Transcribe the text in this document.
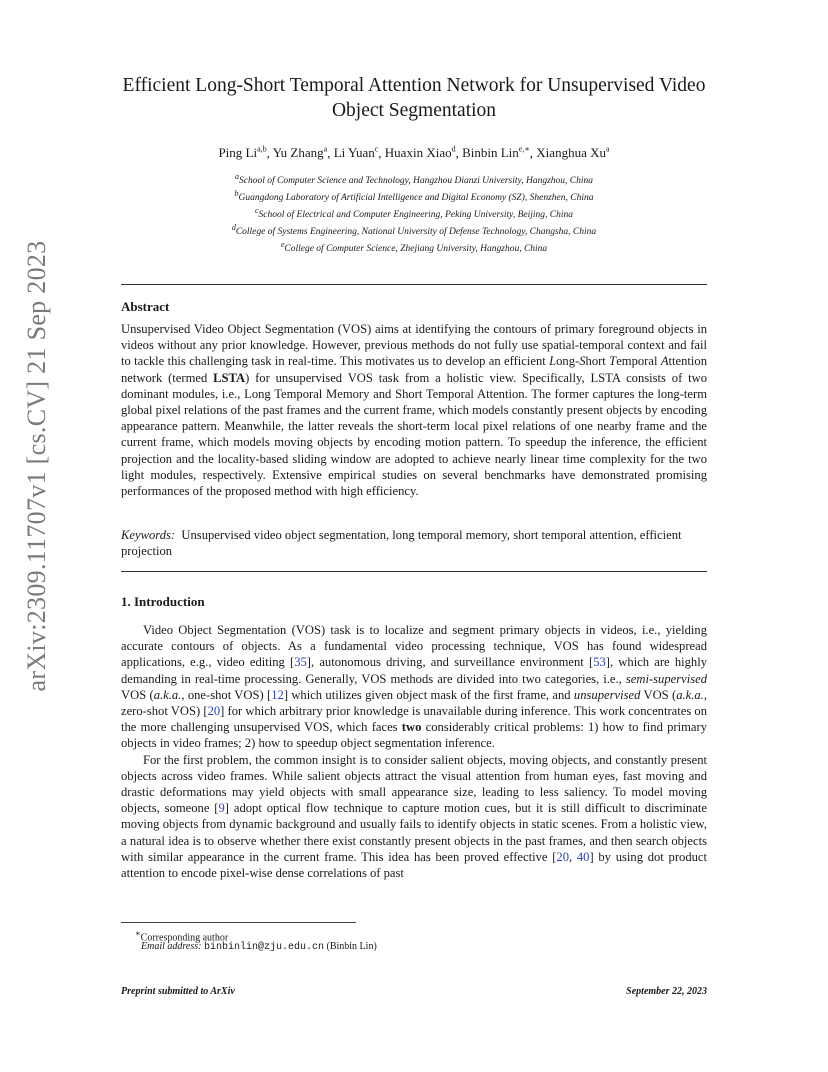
arXiv:2309.11707v1 [cs.CV] 21 Sep 2023
Efficient Long-Short Temporal Attention Network for Unsupervised Video Object Segmentation
Ping Li$^{a,b}$, Yu Zhang$^a$, Li Yuan$^c$, Huaxin Xiao$^d$, Binbin Lin$^{e,∗}$, Xianghua Xu$^a$
$^a$School of Computer Science and Technology, Hangzhou Dianzi University, Hangzhou, China
$^b$Guangdong Laboratory of Artificial Intelligence and Digital Economy (SZ), Shenzhen, China
$^c$School of Electrical and Computer Engineering, Peking University, Beijing, China
$^d$College of Systems Engineering, National University of Defense Technology, Changsha, China
$^e$College of Computer Science, Zhejiang University, Hangzhou, China
Abstract

Unsupervised Video Object Segmentation (VOS) aims at identifying the contours of primary foreground objects in videos without any prior knowledge. However, previous methods do not fully use spatial-temporal context and fail to tackle this challenging task in real-time. This motivates us to develop an efficient Long-Short Temporal Attention network (termed LSTA) for unsupervised VOS task from a holistic view. Specifically, LSTA consists of two dominant modules, i.e., Long Temporal Memory and Short Temporal Attention. The former captures the long-term global pixel relations of the past frames and the current frame, which models constantly present objects by encoding appearance pattern. Meanwhile, the latter reveals the short-term local pixel relations of one nearby frame and the current frame, which models moving objects by encoding motion pattern. To speedup the inference, the efficient projection and the locality-based sliding window are adopted to achieve nearly linear time complexity for the two light modules, respectively. Extensive empirical studies on several benchmarks have demonstrated promising performances of the proposed method with high efficiency.

Keywords: Unsupervised video object segmentation, long temporal memory, short temporal attention, efficient projection
1. Introduction

Video Object Segmentation (VOS) task is to localize and segment primary objects in videos, i.e., yielding accurate contours of objects. As a fundamental video processing technique, VOS has found widespread applications, e.g., video editing [35], autonomous driving, and surveillance environment [53], which are highly demanding in real-time processing. Generally, VOS methods are divided into two categories, i.e., semi-supervised VOS (a.k.a., one-shot VOS) [12] which utilizes given object mask of the first frame, and unsupervised VOS (a.k.a., zero-shot VOS) [20] for which arbitrary prior knowledge is unavailable during inference. This work concentrates on the more challenging unsupervised VOS, which faces two considerably critical problems: 1) how to find primary objects in video frames; 2) how to speedup object segmentation inference.

For the first problem, the common insight is to consider salient objects, moving objects, and constantly present objects across video frames. While salient objects attract the visual attention from human eyes, fast moving and drastic deformations may yield objects with small appearance size, leading to less saliency. To model moving objects, someone [9] adopt optical flow technique to capture motion cues, but it is still difficult to discriminate moving objects from dynamic background and usually fails to identify objects in static scenes. From a holistic view, a natural idea is to observe whether there exist constantly present objects in the past frames, and then search objects with similar appearance in the current frame. This idea has been proved effective [20, 40] by using dot product attention to encode pixel-wise dense correlations of past

∗Corresponding author
Email address: binbinlin@zju.edu.cn (Binbin Lin)
Preprint submitted to ArXiv	September 22, 2023
